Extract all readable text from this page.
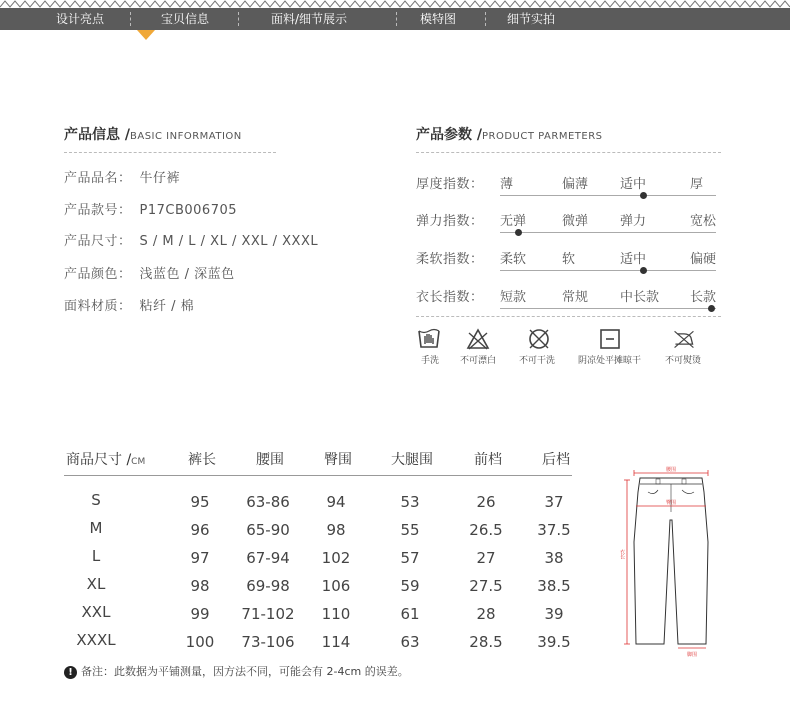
设计亮点	宝贝信息	面料/细节展示	模特图	细节实拍
产品信息 /BASIC INFORMATION
产品品名： 牛仔裤
产品款号： P17CB006705
产品尺寸： S / M / L / XL / XXL / XXXL
产品颜色： 浅蓝色 / 深蓝色
面料材质： 粘纤 / 棉
产品参数 /PRODUCT PARMETERS
厚度指数： 薄	偏薄 适中	厚
弹力指数： 无弹	微弹 弹力	宽松
柔软指数： 柔软	软	适中	偏硬
衣长指数： 短款	常规 中长款 长款
手洗 不可漂白	不可干洗	阴凉处平摊晾干	不可熨烫
商品尺寸 /CM	裤长	腰围	臀围	大腿围	前档	后档
S	95	63-86	94	53	26	37
M	96	65-90	98	55	26.5	37.5
L	97	67-94	102	57	27	38
XL	98	69-98	106	59	27.5	38.5
XXL	99	71-102	110	61	28	39
XXXL	100	73-106	114	63	28.5	39.5
腰围
臀围
衣长
脚围
! 备注：此数据为平铺测量，因方法不同，可能会有 2-4cm 的误差。
